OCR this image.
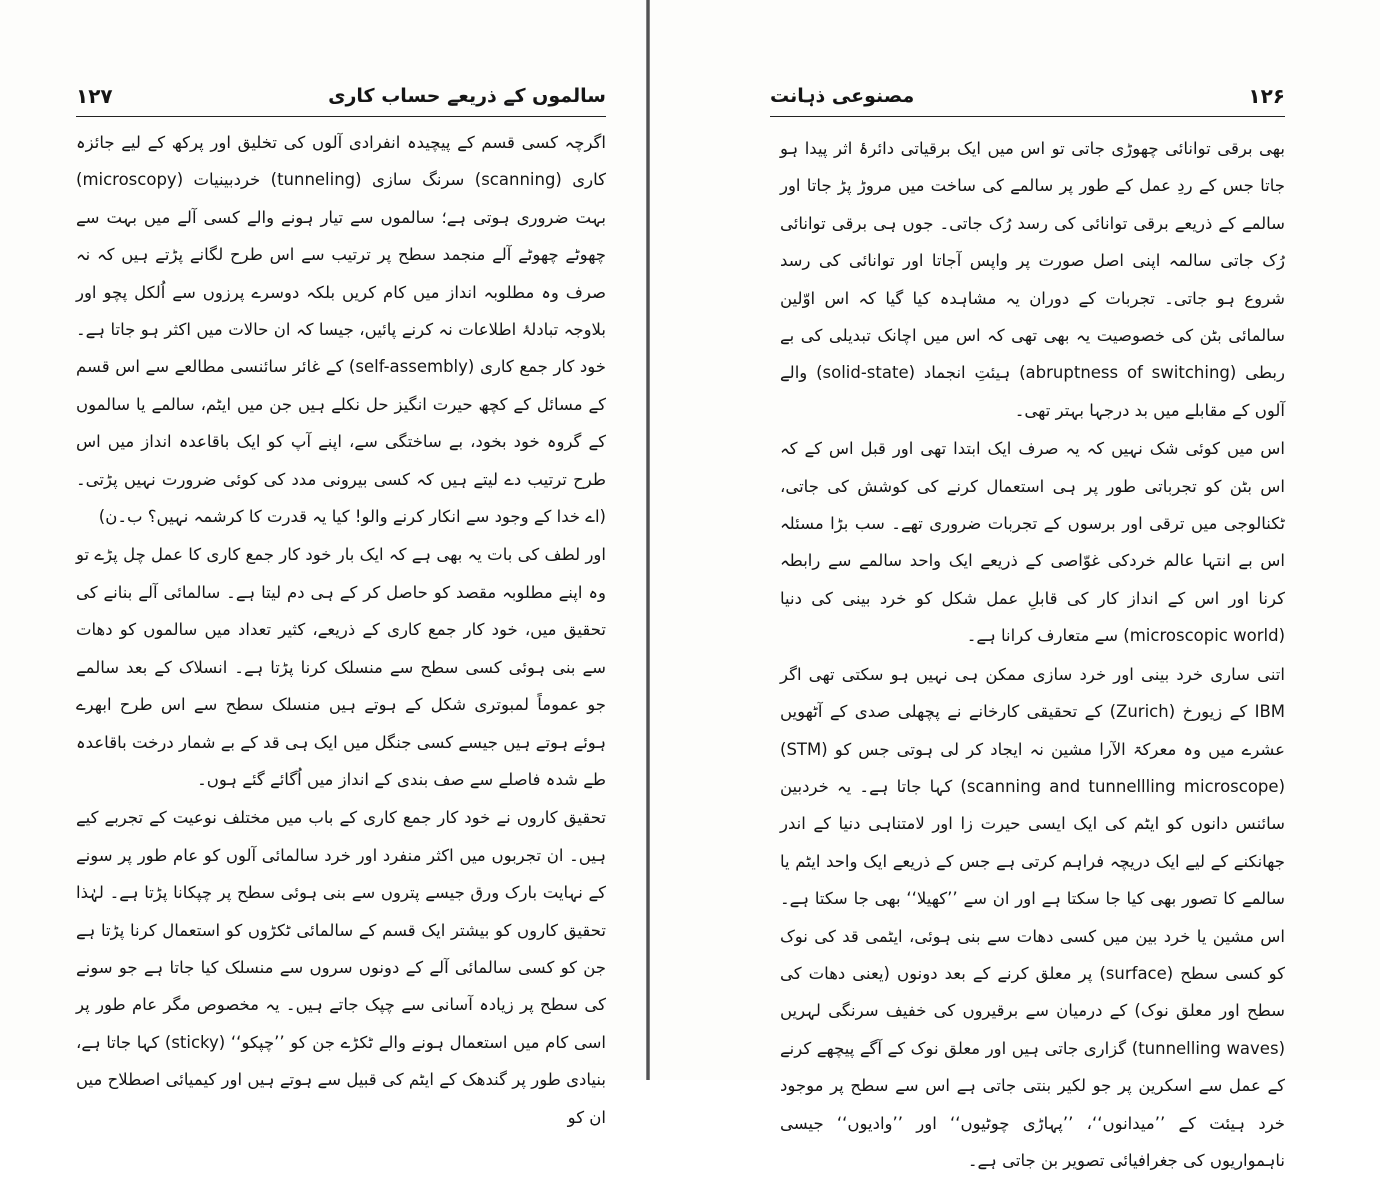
۱۲۷	سالموں کے ذریعے حساب کاری

اگرچہ کسی قسم کے پیچیدہ انفرادی آلوں کی تخلیق اور پرکھ کے لیے جائزہ کاری (scanning) سرنگ سازی (tunneling) خردبینیات (microscopy) بہت ضروری ہوتی ہے؛ سالموں سے تیار ہونے والے کسی آلے میں بہت سے چھوٹے چھوٹے آلے منجمد سطح پر ترتیب سے اس طرح لگانے پڑتے ہیں کہ نہ صرف وہ مطلوبہ انداز میں کام کریں بلکہ دوسرے پرزوں سے اُلکل پچو اور بلاوجہ تبادلۂ اطلاعات نہ کرنے پائیں، جیسا کہ ان حالات میں اکثر ہو جاتا ہے۔ خود کار جمع کاری (self-assembly) کے غائر سائنسی مطالعے سے اس قسم کے مسائل کے کچھ حیرت انگیز حل نکلے ہیں جن میں ایٹم، سالمے یا سالموں کے گروہ خود بخود، بے ساختگی سے، اپنے آپ کو ایک باقاعدہ انداز میں اس طرح ترتیب دے لیتے ہیں کہ کسی بیرونی مدد کی کوئی ضرورت نہیں پڑتی۔ (اے خدا کے وجود سے انکار کرنے والو! کیا یہ قدرت کا کرشمہ نہیں؟ ب۔ن)

اور لطف کی بات یہ بھی ہے کہ ایک بار خود کار جمع کاری کا عمل چل پڑے تو وہ اپنے مطلوبہ مقصد کو حاصل کر کے ہی دم لیتا ہے۔ سالمائی آلے بنانے کی تحقیق میں، خود کار جمع کاری کے ذریعے، کثیر تعداد میں سالموں کو دھات سے بنی ہوئی کسی سطح سے منسلک کرنا پڑتا ہے۔ انسلاک کے بعد سالمے جو عموماً لمبوتری شکل کے ہوتے ہیں منسلک سطح سے اس طرح ابھرے ہوئے ہوتے ہیں جیسے کسی جنگل میں ایک ہی قد کے بے شمار درخت باقاعدہ طے شدہ فاصلے سے صف بندی کے انداز میں اُگائے گئے ہوں۔

تحقیق کاروں نے خود کار جمع کاری کے باب میں مختلف نوعیت کے تجربے کیے ہیں۔ ان تجربوں میں اکثر منفرد اور خرد سالمائی آلوں کو عام طور پر سونے کے نہایت بارک ورق جیسے پتروں سے بنی ہوئی سطح پر چپکانا پڑتا ہے۔ لہٰذا تحقیق کاروں کو بیشتر ایک قسم کے سالمائی ٹکڑوں کو استعمال کرنا پڑتا ہے جن کو کسی سالمائی آلے کے دونوں سروں سے منسلک کیا جاتا ہے جو سونے کی سطح پر زیادہ آسانی سے چپک جاتے ہیں۔ یہ مخصوص مگر عام طور پر اسی کام میں استعمال ہونے والے ٹکڑے جن کو ’’چپکو‘‘ (sticky) کہا جاتا ہے، بنیادی طور پر گندھک کے ایٹم کی قبیل سے ہوتے ہیں اور کیمیائی اصطلاح میں ان کو

مصنوعی ذہانت	۱۲۶

بھی برقی توانائی چھوڑی جاتی تو اس میں ایک برقیاتی دائرۂ اثر پیدا ہو جاتا جس کے ردِ عمل کے طور پر سالمے کی ساخت میں مروڑ پڑ جاتا اور سالمے کے ذریعے برقی توانائی کی رسد رُک جاتی۔ جوں ہی برقی توانائی رُک جاتی سالمہ اپنی اصل صورت پر واپس آجاتا اور توانائی کی رسد شروع ہو جاتی۔ تجربات کے دوران یہ مشاہدہ کیا گیا کہ اس اوّلین سالمائی بٹن کی خصوصیت یہ بھی تھی کہ اس میں اچانک تبدیلی کی بے ربطی (abruptness of switching) ہیئتِ انجماد (solid-state) والے آلوں کے مقابلے میں بد درجہا بہتر تھی۔

اس میں کوئی شک نہیں کہ یہ صرف ایک ابتدا تھی اور قبل اس کے کہ اس بٹن کو تجرباتی طور پر ہی استعمال کرنے کی کوشش کی جاتی، ٹکنالوجی میں ترقی اور برسوں کے تجربات ضروری تھے۔ سب بڑا مسئلہ اس بے انتہا عالم خردکی غوّاصی کے ذریعے ایک واحد سالمے سے رابطہ کرنا اور اس کے انداز کار کی قابلِ عمل شکل کو خرد بینی کی دنیا (microscopic world) سے متعارف کرانا ہے۔

اتنی ساری خرد بینی اور خرد سازی ممکن ہی نہیں ہو سکتی تھی اگر IBM کے زیورخ (Zurich) کے تحقیقی کارخانے نے پچھلی صدی کے آٹھویں عشرے میں وہ معرکۃ الآرا مشین نہ ایجاد کر لی ہوتی جس کو (STM) (scanning and tunnellling microscope) کہا جاتا ہے۔ یہ خردبین سائنس دانوں کو ایٹم کی ایک ایسی حیرت زا اور لامتناہی دنیا کے اندر جھانکنے کے لیے ایک دریچہ فراہم کرتی ہے جس کے ذریعے ایک واحد ایٹم یا سالمے کا تصور بھی کیا جا سکتا ہے اور ان سے ’’کھیلا‘‘ بھی جا سکتا ہے۔ اس مشین یا خرد بین میں کسی دھات سے بنی ہوئی، ایٹمی قد کی نوک کو کسی سطح (surface) پر معلق کرنے کے بعد دونوں (یعنی دھات کی سطح اور معلق نوک) کے درمیان سے برقیروں کی خفیف سرنگی لہریں (tunnelling waves) گزاری جاتی ہیں اور معلق نوک کے آگے پیچھے کرنے کے عمل سے اسکرین پر جو لکیر بنتی جاتی ہے اس سے سطح پر موجود خرد ہیئت کے ’’میدانوں‘‘، ’’پہاڑی چوٹیوں‘‘ اور ’’وادیوں‘‘ جیسی ناہمواریوں کی جغرافیائی تصویر بن جاتی ہے۔
